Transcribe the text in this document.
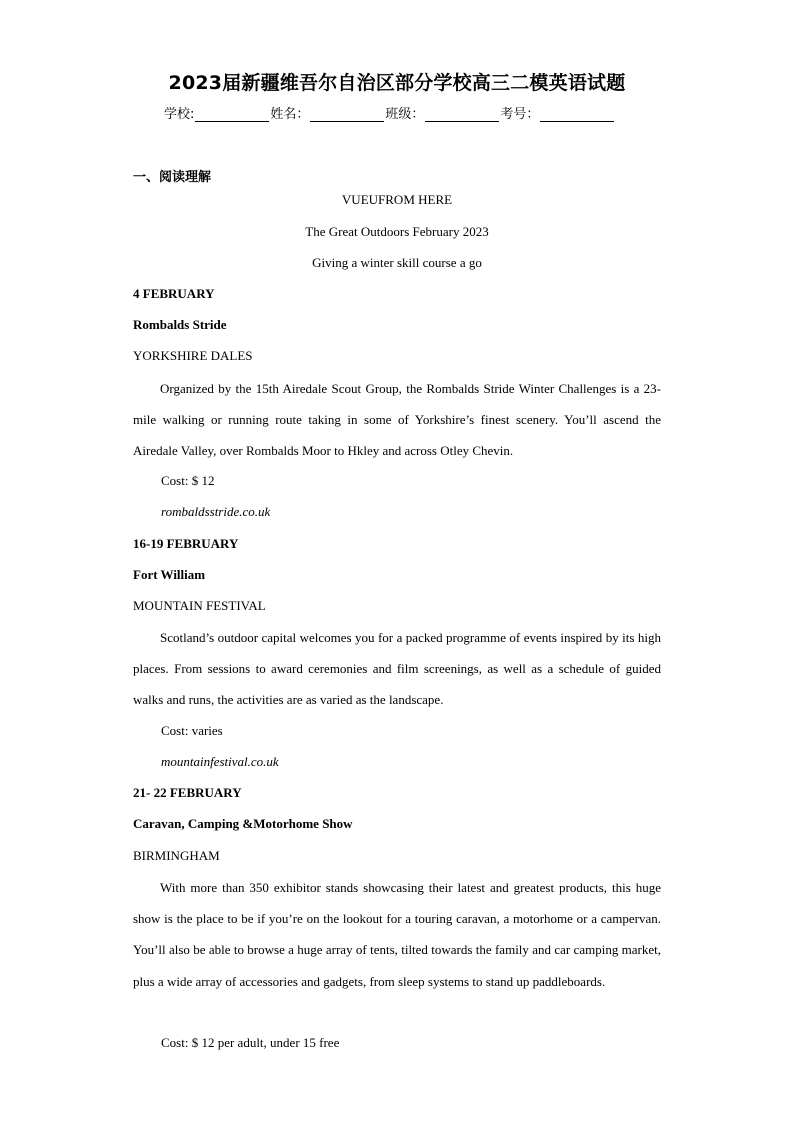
2023届新疆维吾尔自治区部分学校高三二模英语试题
学校:	姓名：	班级：	考号：
一、阅读理解
VUEUFROM HERE
The Great Outdoors February 2023
Giving a winter skill course a go
4 FEBRUARY
Rombalds Stride
YORKSHIRE DALES
Organized by the 15th Airedale Scout Group, the Rombalds Stride Winter Challenges is a 23-mile walking or running route taking in some of Yorkshire’s finest scenery. You’ll ascend the Airedale Valley, over Rombalds Moor to Hkley and across Otley Chevin.
Cost: $ 12
rombaldsstride.co.uk
16-19 FEBRUARY
Fort William
MOUNTAIN FESTIVAL
Scotland’s outdoor capital welcomes you for a packed programme of events inspired by its high places. From sessions to award ceremonies and film screenings, as well as a schedule of guided walks and runs, the activities are as varied as the landscape.
Cost: varies
mountainfestival.co.uk
21- 22 FEBRUARY
Caravan, Camping &Motorhome Show
BIRMINGHAM
With more than 350 exhibitor stands showcasing their latest and greatest products, this huge show is the place to be if you’re on the lookout for a touring caravan, a motorhome or a campervan. You’ll also be able to browse a huge array of tents, tilted towards the family and car camping market, plus a wide array of accessories and gadgets, from sleep systems to stand up paddleboards.
Cost: $ 12 per adult, under 15 free
